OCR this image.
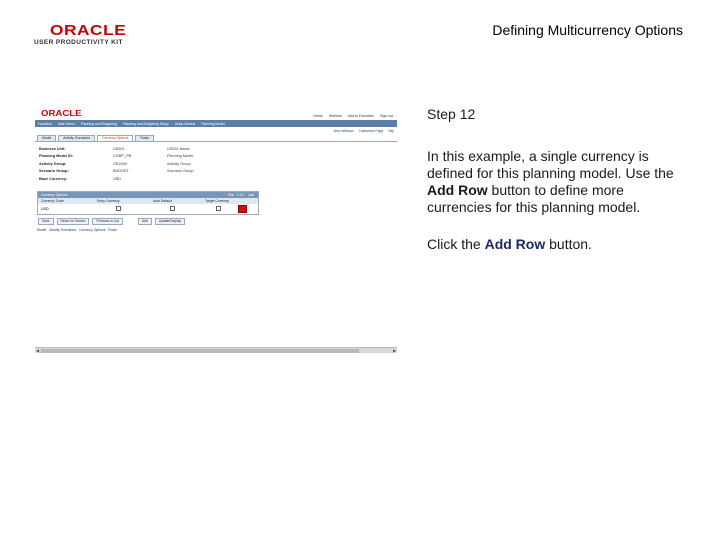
ORACLE
USER PRODUCTIVITY KIT
Defining Multicurrency Options
ORACLE	Home Worklist Add to Favorites Sign out
Favorites Main Menu Planning and Budgeting Planning and Budgeting Setup Setup Models Planning Model
New Window Customize Page http
Model	Activity Scenarios	Currency Options	Rules
Business Unit:	US001	US001 Name
Planning Model ID:	CORP_PB	Planning Model
Activity Group:	OE2000	Activity Group
Scenario Group:	BUDGET	Scenario Group
Base Currency:	USD
Currency Options	First 1 of 1 Last
Currency Code	Entry Currency	Auto Default	Target Currency
USD
Save	Return to Search	Previous in List	Add	Update/Display
Model Activity Scenarios Currency Options Rules
◀	▶
Step 12
In this example, a single currency is defined for this planning model. Use the Add Row button to define more currencies for this planning model.
Click the Add Row button.
